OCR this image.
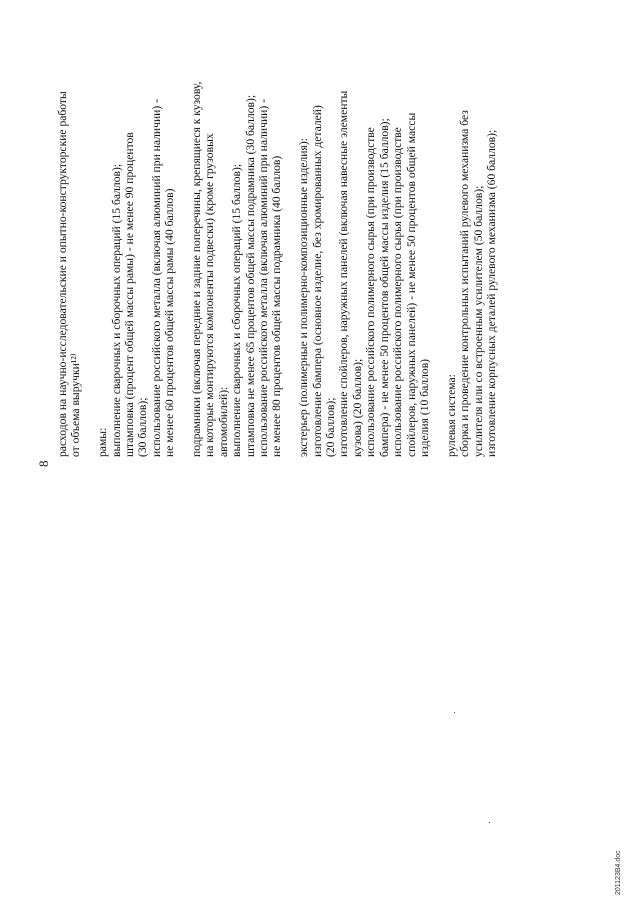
8
расходов на научно-исследовательские и опытно-конструкторские работы от объема выручки¹²⁾ рамы: выполнение сварочных и сборочных операций (15 баллов); штамповка (процент общей массы рамы) - не менее 90 процентов (30 баллов); использование российского металла (включая алюминий при наличии) - не менее 60 процентов общей массы рамы (40 баллов) подрамники (включая передние и задние поперечины, крепящиеся к кузову, на которые монтируются компоненты подвески) (кроме грузовых автомобилей): выполнение сварочных и сборочных операций (15 баллов); штамповка не менее 65 процентов общей массы подрамника (30 баллов); использование российского металла (включая алюминий при наличии) - не менее 80 процентов общей массы подрамника (40 баллов) экстерьер (полимерные и полимерно-композиционные изделия): изготовление бампера (основное изделие, без хромированных деталей) (20 баллов); изготовление спойлеров, наружных панелей (включая навесные элементы кузова) (20 баллов); использование российского полимерного сырья (при производстве бампера) - не менее 50 процентов общей массы изделия (15 баллов); использование российского полимерного сырья (при производстве спойлеров, наружных панелей) - не менее 50 процентов общей массы изделия (10 баллов) рулевая система: сборка и проведение контрольных испытаний рулевого механизма без усилителя или со встроенным усилителем (50 баллов); изготовление корпусных деталей рулевого механизма (60 баллов);
201123В4.doc
